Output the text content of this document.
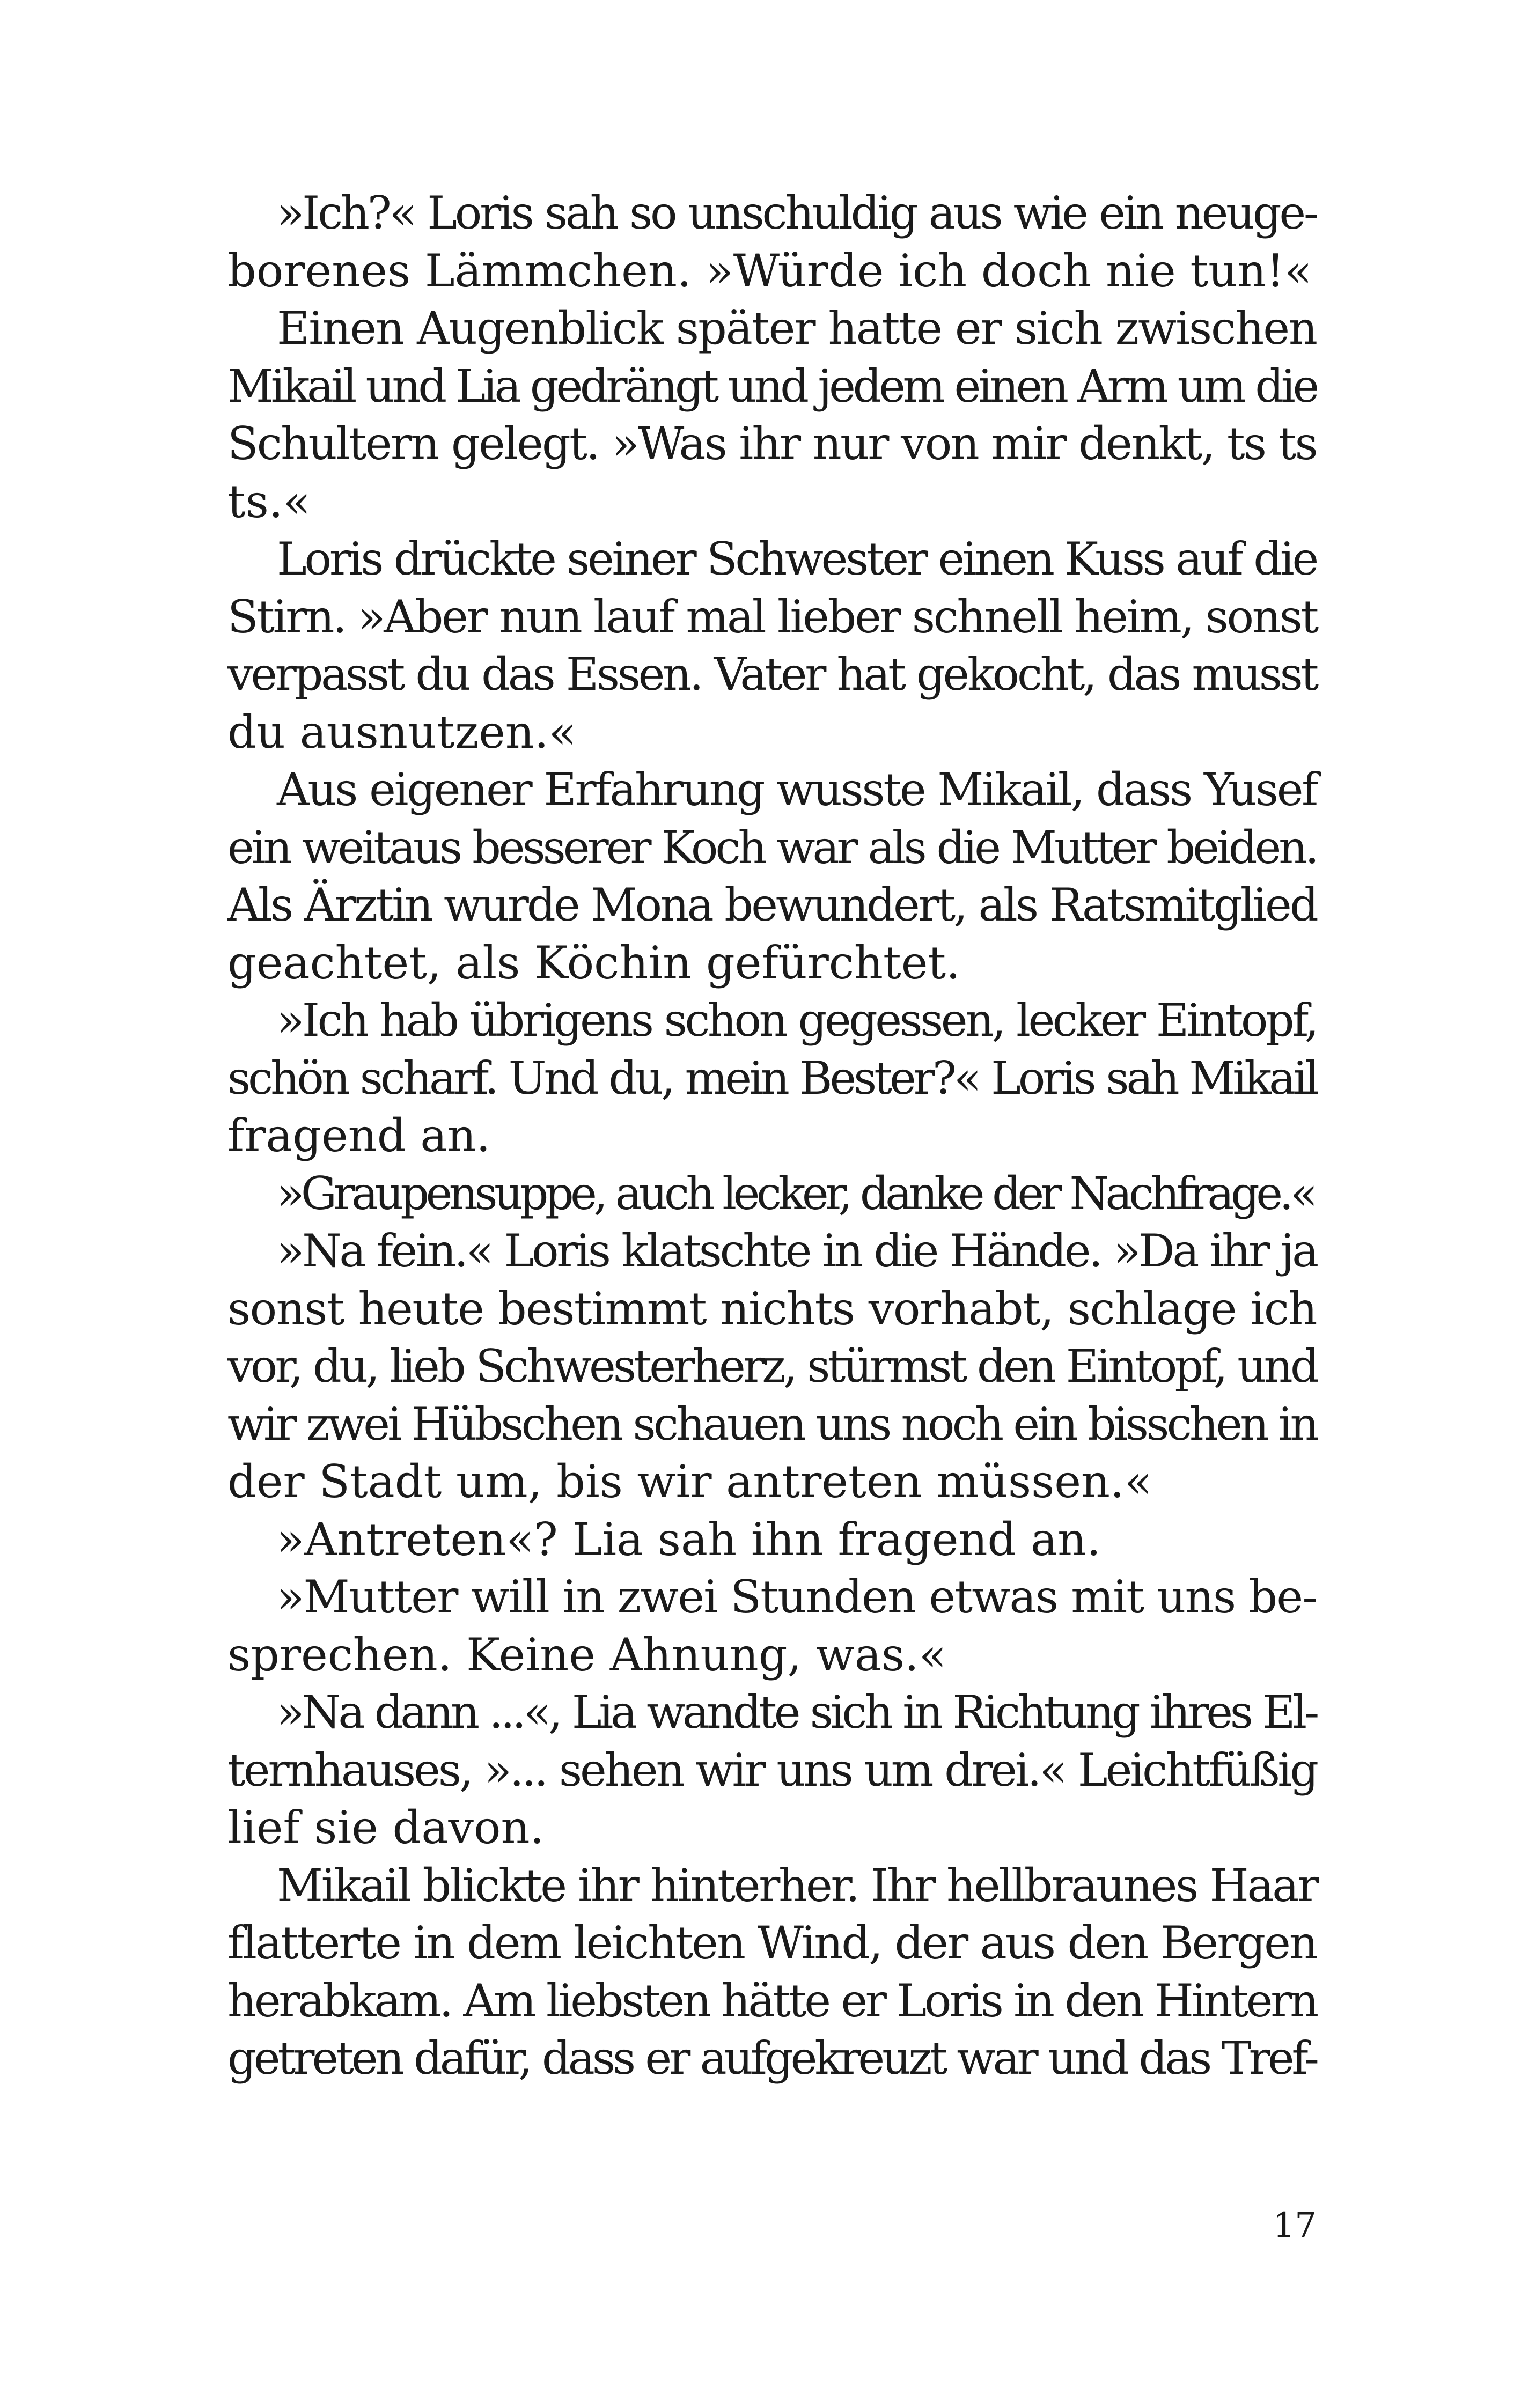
»Ich?« Loris sah so unschuldig aus wie ein neuge-
borenes Lämmchen. »Würde ich doch nie tun!«
Einen Augenblick später hatte er sich zwischen
Mikail und Lia gedrängt und jedem einen Arm um die
Schultern gelegt. »Was ihr nur von mir denkt, ts ts
ts.«
Loris drückte seiner Schwester einen Kuss auf die
Stirn. »Aber nun lauf mal lieber schnell heim, sonst
verpasst du das Essen. Vater hat gekocht, das musst
du ausnutzen.«
Aus eigener Erfahrung wusste Mikail, dass Yusef
ein weitaus besserer Koch war als die Mutter beiden.
Als Ärztin wurde Mona bewundert, als Ratsmitglied
geachtet, als Köchin gefürchtet.
»Ich hab übrigens schon gegessen, lecker Eintopf,
schön scharf. Und du, mein Bester?« Loris sah Mikail
fragend an.
»Graupensuppe, auch lecker, danke der Nachfrage.«
»Na fein.« Loris klatschte in die Hände. »Da ihr ja
sonst heute bestimmt nichts vorhabt, schlage ich
vor, du, lieb Schwesterherz, stürmst den Eintopf, und
wir zwei Hübschen schauen uns noch ein bisschen in
der Stadt um, bis wir antreten müssen.«
»Antreten«? Lia sah ihn fragend an.
»Mutter will in zwei Stunden etwas mit uns be-
sprechen. Keine Ahnung, was.«
»Na dann ...«, Lia wandte sich in Richtung ihres El-
ternhauses, »... sehen wir uns um drei.« Leichtfüßig
lief sie davon.
Mikail blickte ihr hinterher. Ihr hellbraunes Haar
flatterte in dem leichten Wind, der aus den Bergen
herabkam. Am liebsten hätte er Loris in den Hintern
getreten dafür, dass er aufgekreuzt war und das Tref-
17
